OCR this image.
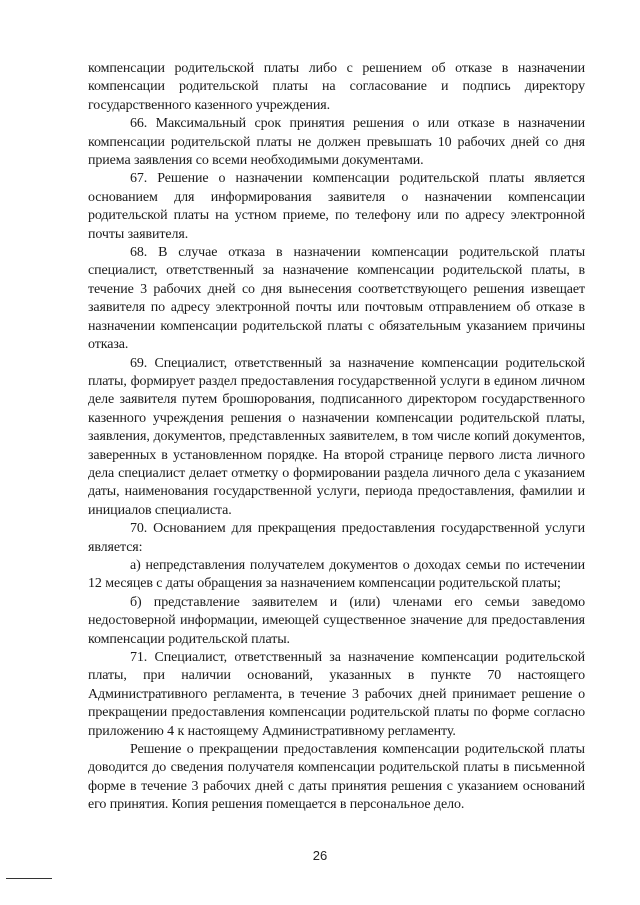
компенсации родительской платы либо с решением об отказе в назначении компенсации родительской платы на согласование и подпись директору государственного казенного учреждения.

66. Максимальный срок принятия решения о или отказе в назначении компенсации родительской платы не должен превышать 10 рабочих дней со дня приема заявления со всеми необходимыми документами.

67. Решение о назначении компенсации родительской платы является основанием для информирования заявителя о назначении компенсации родительской платы на устном приеме, по телефону или по адресу электронной почты заявителя.

68. В случае отказа в назначении компенсации родительской платы специалист, ответственный за назначение компенсации родительской платы, в течение 3 рабочих дней со дня вынесения соответствующего решения извещает заявителя по адресу электронной почты или почтовым отправлением об отказе в назначении компенсации родительской платы с обязательным указанием причины отказа.

69. Специалист, ответственный за назначение компенсации родительской платы, формирует раздел предоставления государственной услуги в едином личном деле заявителя путем брошюрования, подписанного директором государственного казенного учреждения решения о назначении компенсации родительской платы, заявления, документов, представленных заявителем, в том числе копий документов, заверенных в установленном порядке. На второй странице первого листа личного дела специалист делает отметку о формировании раздела личного дела с указанием даты, наименования государственной услуги, периода предоставления, фамилии и инициалов специалиста.

70. Основанием для прекращения предоставления государственной услуги является:

а) непредставления получателем документов о доходах семьи по истечении 12 месяцев с даты обращения за назначением компенсации родительской платы;

б) представление заявителем и (или) членами его семьи заведомо недостоверной информации, имеющей существенное значение для предоставления компенсации родительской платы.

71. Специалист, ответственный за назначение компенсации родительской платы, при наличии оснований, указанных в пункте 70 настоящего Административного регламента, в течение 3 рабочих дней принимает решение о прекращении предоставления компенсации родительской платы по форме согласно приложению 4 к настоящему Административному регламенту.

Решение о прекращении предоставления компенсации родительской платы доводится до сведения получателя компенсации родительской платы в письменной форме в течение 3 рабочих дней с даты принятия решения с указанием оснований его принятия. Копия решения помещается в персональное дело.

26
